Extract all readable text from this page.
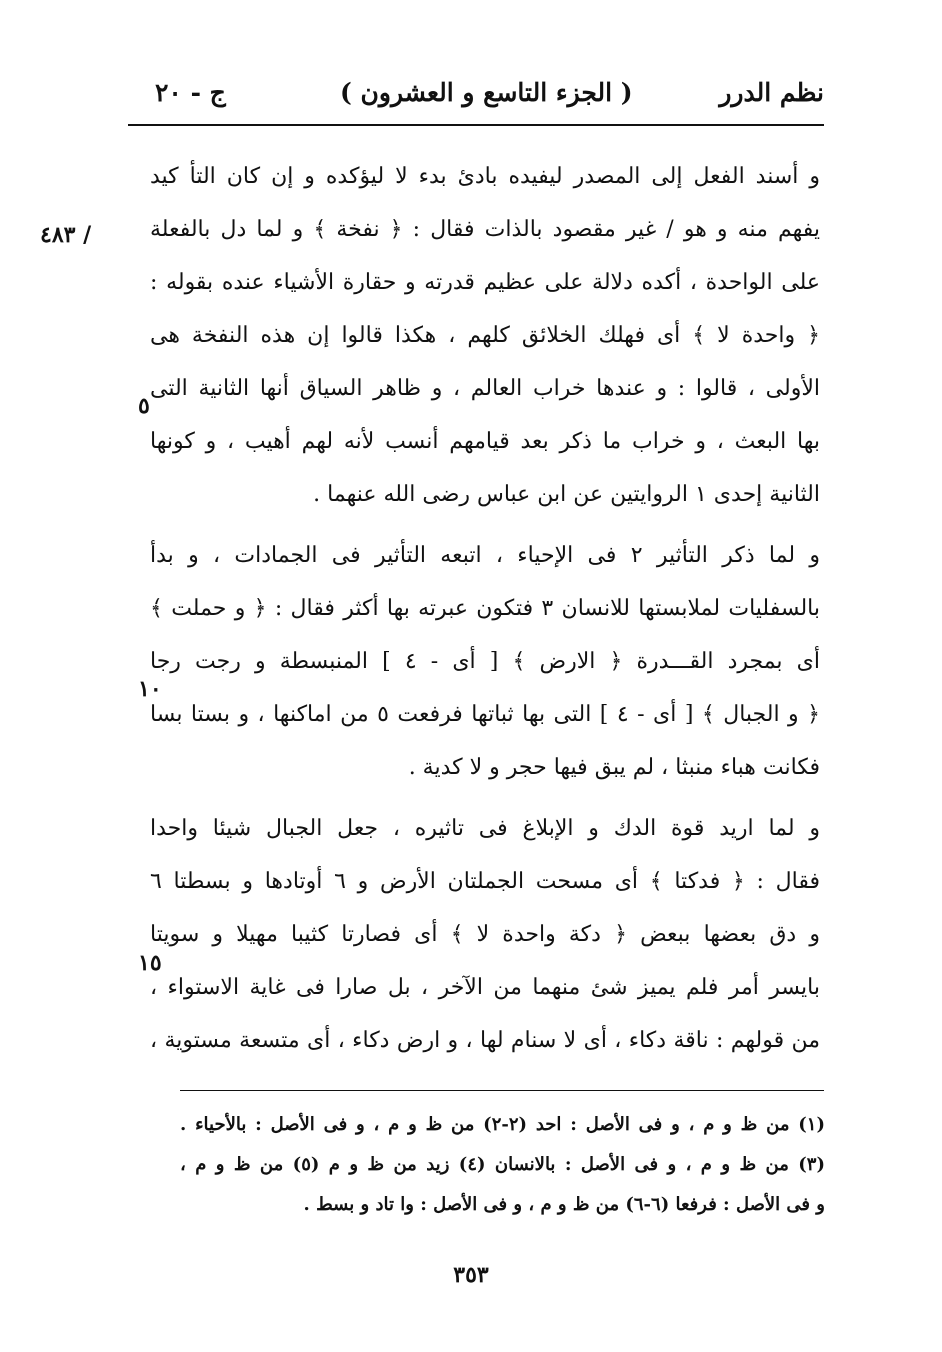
نظم الدرر
( الجزء التاسع و العشرون )
ج - ٢٠
/ ٤٨٣
٥
١٠
١٥
و أسند الفعل إلى المصدر ليفيده بادئ بدء لا ليؤكده و إن كان التأ كيد
يفهم منه و هو / غير مقصود بالذات فقال : ﴿ نفخة ﴾ و لما دل بالفعلة
على الواحدة ، أكده دلالة على عظيم قدرته و حقارة الأشياء عنده بقوله :
﴿ واحدة لا ﴾ أى فهلك الخلائق كلهم ، هكذا قالوا إن هذه النفخة هى
الأولى ، قالوا : و عندها خراب العالم ، و ظاهر السياق أنها الثانية التى
بها البعث ، و خراب ما ذكر بعد قيامهم أنسب لأنه لهم أهيب ، و كونها
الثانية إحدى ١ الروايتين عن ابن عباس رضى الله عنهما .
و لما ذكر التأثير ٢ فى الإحياء ، اتبعه التأثير فى الجمادات ، و بدأ
بالسفليات لملابستها للانسان ٣ فتكون عبرته بها أكثر فقال : ﴿ و حملت ﴾
أى بمجرد القـــدرة ﴿ الارض ﴾ [ أى - ٤ ] المنبسطة و رجت رجا
﴿ و الجبال ﴾ [ أى - ٤ ] التى بها ثباتها فرفعت ٥ من اماكنها ، و بستا بسا
فكانت هباء منبثا ، لم يبق فيها حجر و لا كدية .
و لما اريد قوة الدك و الإبلاغ فى تاثيره ، جعل الجبال شيئا واحدا
فقال : ﴿ فدكتا ﴾ أى مسحت الجملتان الأرض و ٦ أوتادها و بسطتا ٦
و دق بعضها ببعض ﴿ دكة واحدة لا ﴾ أى فصارتا كثيبا مهيلا و سويتا
بايسر أمر فلم يميز شئ منهما من الآخر ، بل صارا فى غاية الاستواء ،
من قولهم : ناقة دكاء ، أى لا سنام لها ، و ارض دكاء ، أى متسعة مستوية ،
(١) من ظ و م ، و فى الأصل : احد (٢-٢) من ظ و م ، و فى الأصل : بالأحياء .
(٣) من ظ و م ، و فى الأصل : بالانسان (٤) زيد من ظ و م (٥) من ظ و م ،
و فى الأصل : فرفعا (٦-٦) من ظ و م ، و فى الأصل : وا تاد و بسط .
٣٥٣
